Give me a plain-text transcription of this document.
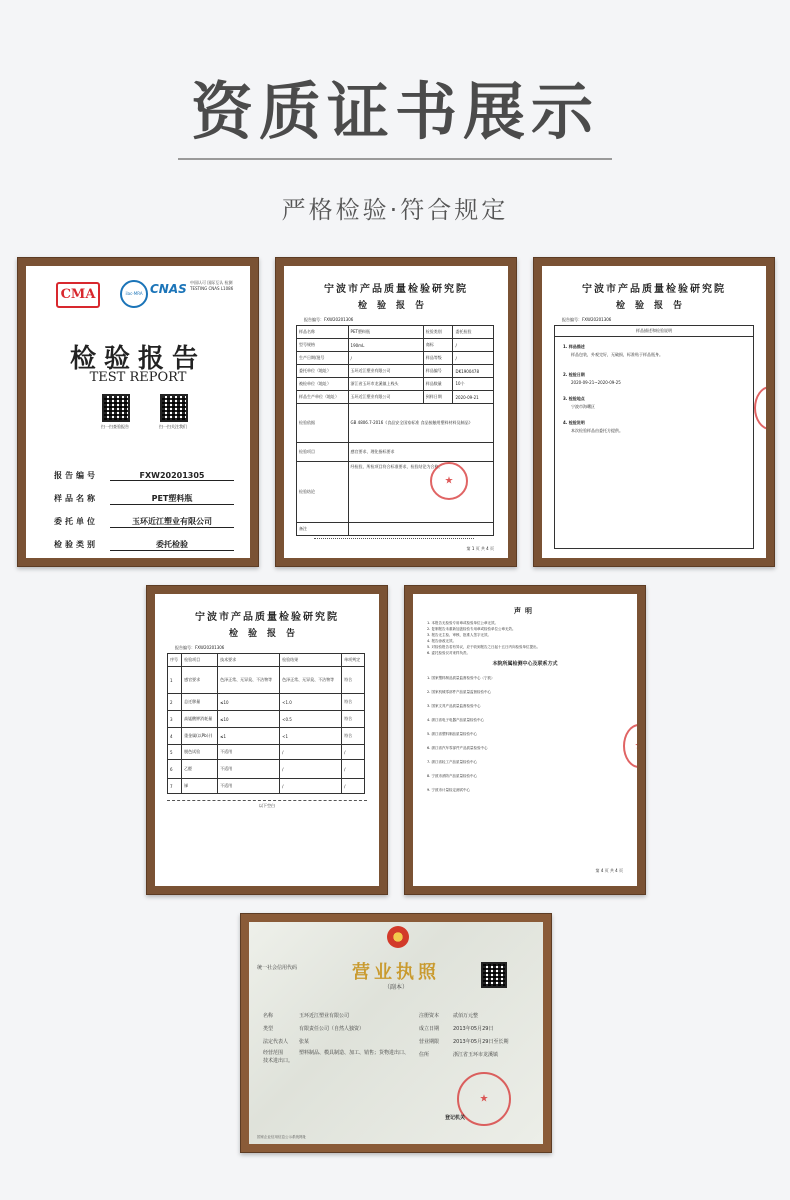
资质证书展示
严格检验·符合规定
CMA	ilac-MRA CNAS 中国认可 国际互认 检测 TESTING CNAS L1086
检验报告
TEST REPORT
扫一扫查验报告	扫一扫关注我们
报告编号	FXW20201305
样品名称	PET塑料瓶
委托单位	玉环近江塑业有限公司
检验类别	委托检验
宁波市产品质量检验研究院
检验报告
报告编号：FXW20201306
样品名称	PET塑料瓶	检验类别	委托检验
型号规格	190mL	商标	/
生产日期/批号	/	样品等级	/
委托单位（地址）	玉环近江塑业有限公司	样品编号	DK1900478
被检单位（地址）	浙江省玉环市龙溪镇上栈头	样品数量	10个
样品生产单位（地址）	玉环近江塑业有限公司	到样日期	2020-09-21
检验依据	GB 4806.7-2016《食品安全国家标准 食品接触用塑料材料及制品》		
检验项目	感官要求、理化指标要求		
检验结论	经检验，所检项目符合标准要求，检验结论为合格。		
备注			
★
第 1 页 共 4 页
宁波市产品质量检验研究院
检验报告
报告编号：FXW20201306
样品描述和检验说明
1. 样品描述
样品包装，外观完好，无破损，标准贴于样品瓶身。
2. 检验日期
2020-09-21~2020-09-25
3. 检验地点
宁波市海曙区
4. 检验说明
本次检验样品由委托方提供。
★
宁波市产品质量检验研究院
检验报告
报告编号：FXW20201306
序号	检验项目	技术要求	检验结果	单项判定
1	感官要求	色泽正常、无异臭、不洁物等	色泽正常、无异臭、不洁物等	符合
2	总迁移量	≤10	<1.0	符合
3	高锰酸钾消耗量	≤10	<0.5	符合
4	重金属(以Pb计)	≤1	<1	符合
5	脱色试验	不适用	/	/
6	乙醛	不适用	/	/
7	锑	不适用	/	/
以下空白
声明
1. 本报告无检验专用章或检验单位公章无效。
2. 复制报告未重新加盖检验专用章或检验单位公章无效。
3. 报告无主检、审核、批准人签字无效。
4. 报告涂改无效。
5. 对检验报告若有异议，应于收到报告之日起十五日内向检验单位提出。
6. 委托检验仅对来样负责。
本院所属检测中心及联系方式
1. 国家塑料制品质量监督检验中心（宁波）
2. 国家机械零部件产品质量监督检验中心
3. 国家文具产品质量监督检验中心
4. 浙江省电子电器产品质量检验中心
5. 浙江省塑料制品质量检验中心
6. 浙江省汽车零部件产品质量检验中心
7. 浙江省轻工产品质量检验中心
8. 宁波市消防产品质量检验中心
9. 宁波市计量检定测试中心
★
第 4 页 共 4 页
统一社会信用代码	营业执照
（副本）
名称	玉环近江塑业有限公司
类型	有限责任公司（自然人独资）
法定代表人 张某
经营范围	塑料制品、模具制造、加工、销售；货物进出口、技术进出口。
注册资本	贰佰万元整
成立日期	2013年05月29日
营业期限	2013年05月29日至长期
住所	浙江省玉环市龙溪镇
★
登记机关
国家企业信用信息公示系统网址
